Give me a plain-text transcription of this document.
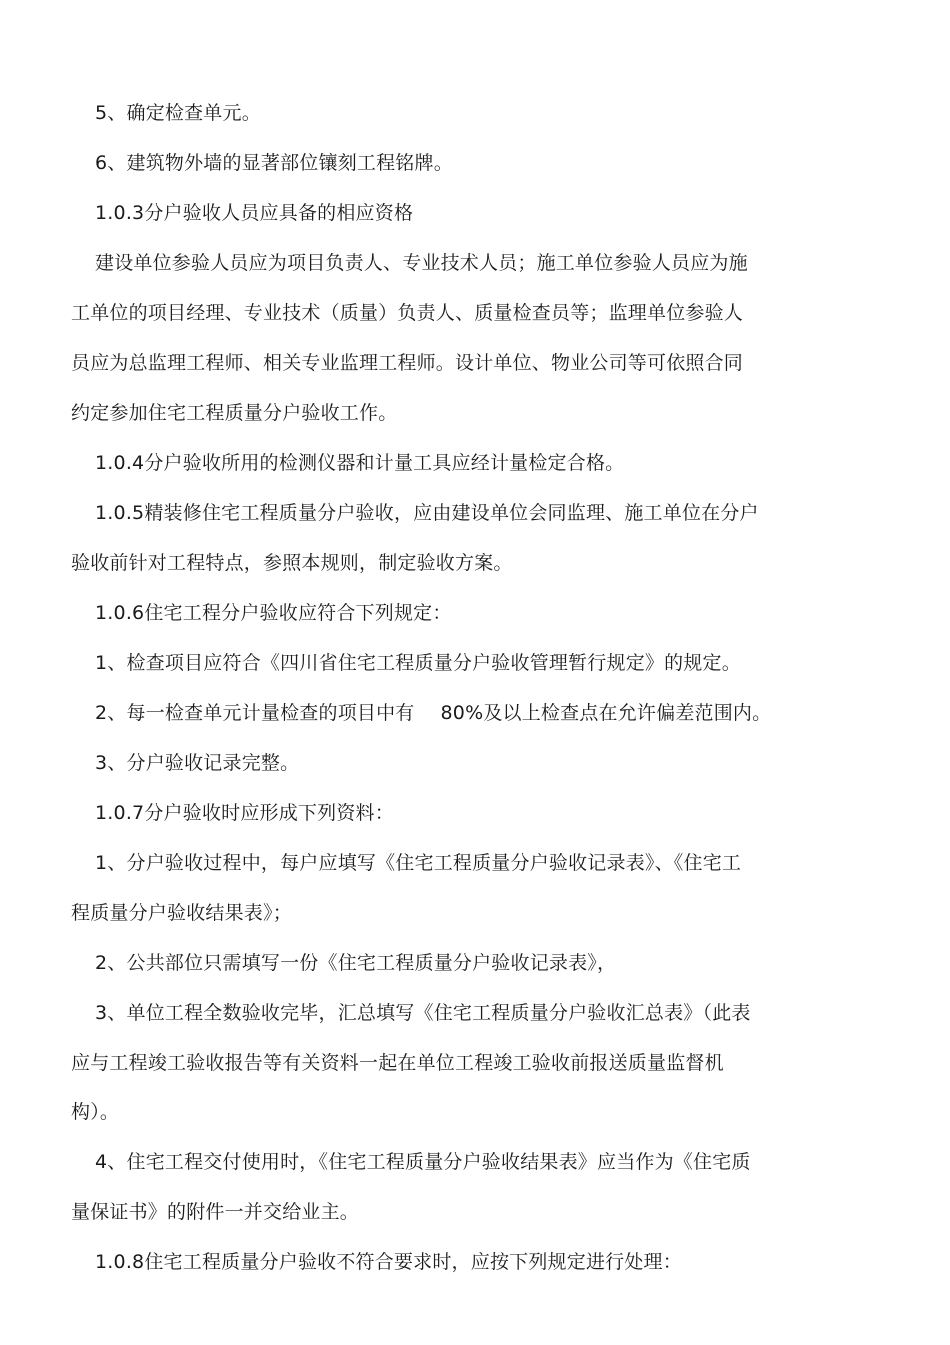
5、确定检查单元。
6、建筑物外墙的显著部位镶刻工程铭牌。
1.0.3分户验收人员应具备的相应资格
建设单位参验人员应为项目负责人、专业技术人员；施工单位参验人员应为施
工单位的项目经理、专业技术（质量）负责人、质量检查员等；监理单位参验人
员应为总监理工程师、相关专业监理工程师。设计单位、物业公司等可依照合同
约定参加住宅工程质量分户验收工作。
1.0.4分户验收所用的检测仪器和计量工具应经计量检定合格。
1.0.5精装修住宅工程质量分户验收，应由建设单位会同监理、施工单位在分户
验收前针对工程特点，参照本规则，制定验收方案。
1.0.6住宅工程分户验收应符合下列规定：
1、检查项目应符合《四川省住宅工程质量分户验收管理暂行规定》的规定。
2、每一检查单元计量检查的项目中有 80%及以上检查点在允许偏差范围内。
3、分户验收记录完整。
1.0.7分户验收时应形成下列资料：
1、分户验收过程中，每户应填写《住宅工程质量分户验收记录表》、《住宅工
程质量分户验收结果表》；
2、公共部位只需填写一份《住宅工程质量分户验收记录表》，
3、单位工程全数验收完毕，汇总填写《住宅工程质量分户验收汇总表》（此表
应与工程竣工验收报告等有关资料一起在单位工程竣工验收前报送质量监督机
构）。
4、住宅工程交付使用时，《住宅工程质量分户验收结果表》应当作为《住宅质
量保证书》的附件一并交给业主。
1.0.8住宅工程质量分户验收不符合要求时，应按下列规定进行处理：
